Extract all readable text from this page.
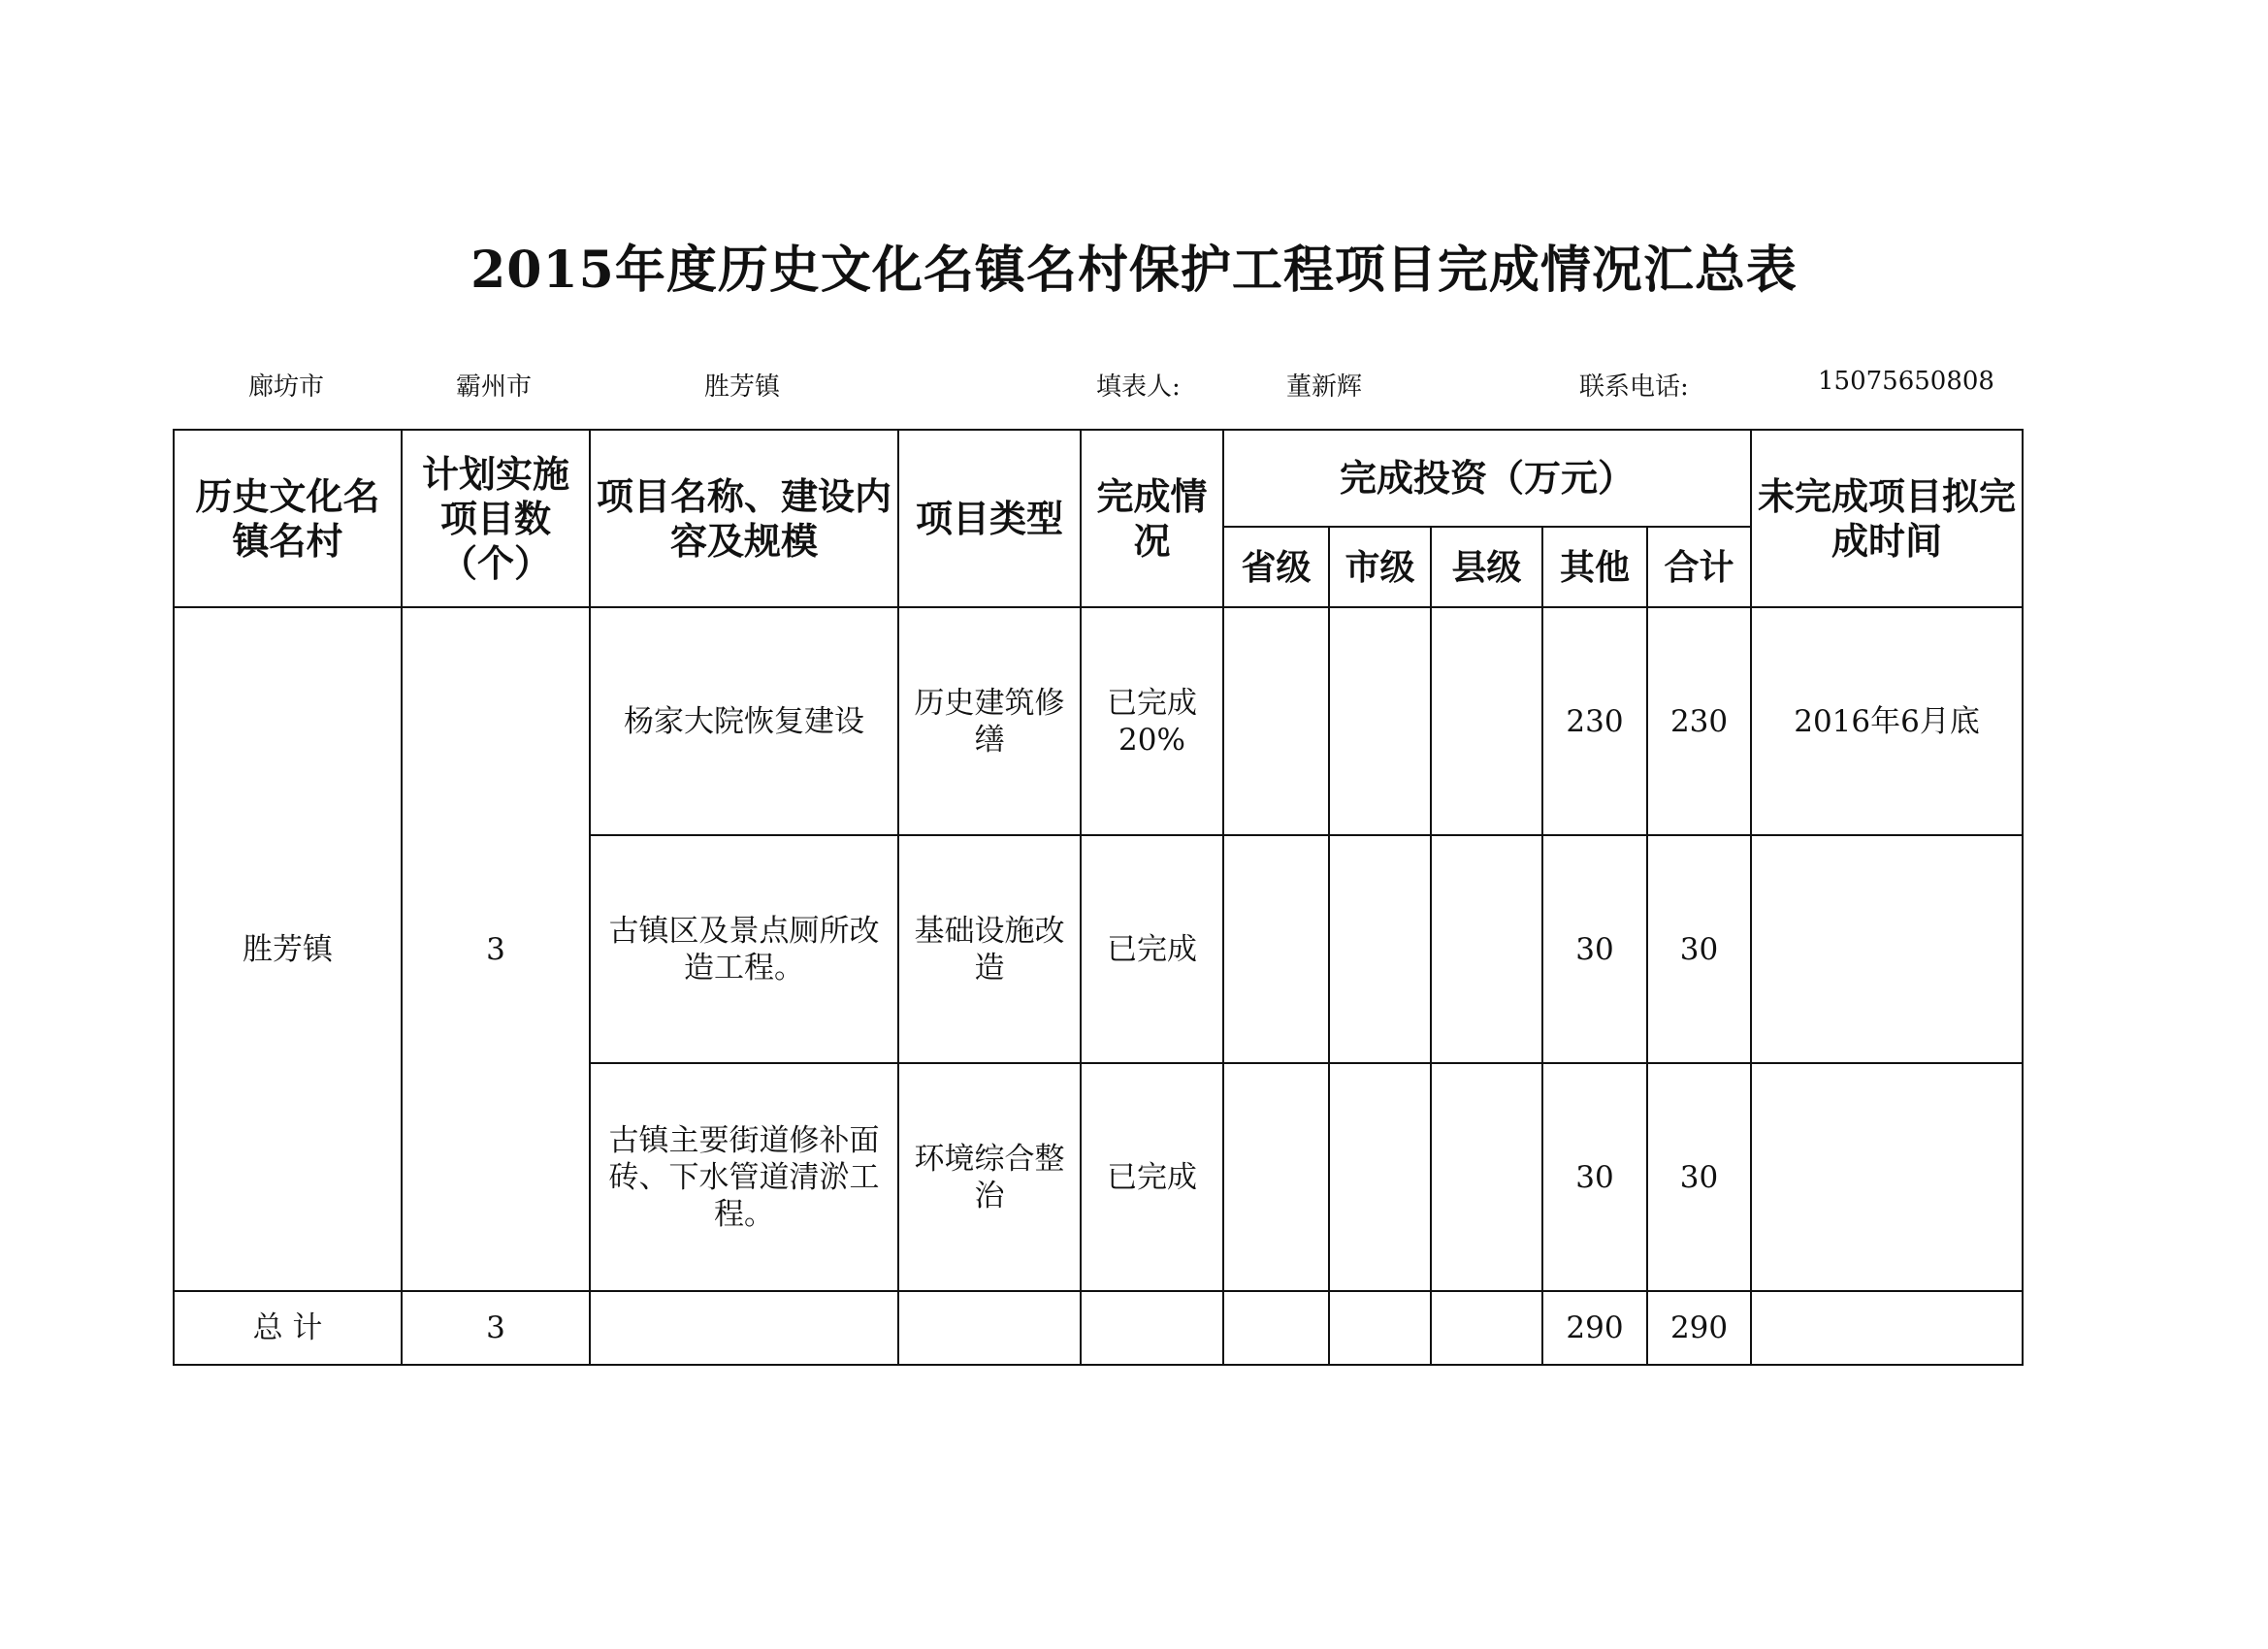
2015年度历史文化名镇名村保护工程项目完成情况汇总表
廊坊市	霸州市	胜芳镇	填表人:	董新辉	联系电话:	15075650808
历史文化名镇名村	计划实施项目数（个）	项目名称、建设内容及规模	项目类型	完成情况	完成投资（万元）					未完成项目拟完成时间
					省级	市级	县级	其他	合计	
胜芳镇	3	杨家大院恢复建设	历史建筑修缮	已完成20%				230	230	2016年6月底
		古镇区及景点厕所改造工程。	基础设施改造	已完成				30	30	
		古镇主要街道修补面砖、下水管道清淤工程。	环境综合整治	已完成				30	30	
总 计	3							290	290	
